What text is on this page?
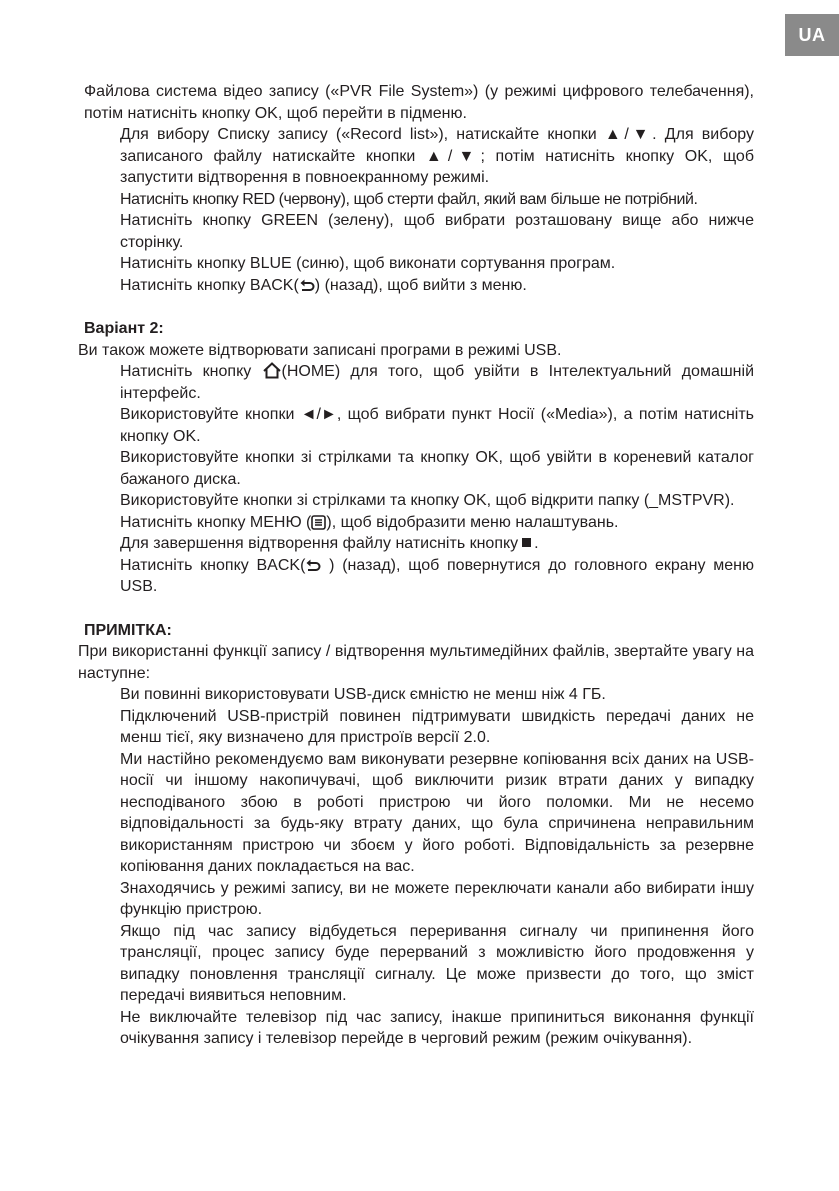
UA

Файлова система відео запису («PVR File System») (у режимі цифрового телебачення), потім натисніть кнопку OK, щоб перейти в підменю.

Для вибору Списку запису («Record list»), натискайте кнопки ▲/▼. Для вибору записаного файлу натискайте кнопки ▲/▼; потім натисніть кнопку OK, щоб запустити відтворення в повноекранному режимі.

Натисніть кнопку RED (червону), щоб стерти файл, який вам більше не потрібний.

Натисніть кнопку GREEN (зелену), щоб вибрати розташовану вище або нижче сторінку.

Натисніть кнопку BLUE (синю), щоб виконати сортування програм.

Натисніть кнопку BACK( ) (назад), щоб вийти з меню.

Варіант 2:

Ви також можете відтворювати записані програми в режимі USB.

Натисніть кнопку
(HOME) для того, щоб увійти в Інтелектуальний домашній інтерфейс.

Використовуйте кнопки ◄/►, щоб вибрати пункт Носії («Media»), а потім натисніть кнопку OK.

Використовуйте кнопки зі стрілками та кнопку OK, щоб увійти в кореневий каталог бажаного диска.

Використовуйте кнопки зі стрілками та кнопку OK, щоб відкрити папку (_MSTPVR).

Натисніть кнопку МЕНЮ ( ), щоб відобразити меню налаштувань.

Для завершення відтворення файлу натисніть кнопку .

Натисніть кнопку BACK(
) (назад), щоб повернутися до головного екрану меню USB.

ПРИМІТКА:

При використанні функції запису / відтворення мультимедійних файлів, звертайте увагу на наступне:

Ви повинні використовувати USB-диск ємністю не менш ніж 4 ГБ.

Підключений USB-пристрій повинен підтримувати швидкість передачі даних не менш тієї, яку визначено для пристроїв версії 2.0.

Ми настійно рекомендуємо вам виконувати резервне копіювання всіх даних на USB-носії чи іншому накопичувачі, щоб виключити ризик втрати даних у випадку несподіваного збою в роботі пристрою чи його поломки. Ми не несемо відповідальності за будь-яку втрату даних, що була спричинена неправильним використанням пристрою чи збоєм у його роботі. Відповідальність за резервне копіювання даних покладається на вас.

Знаходячись у режимі запису, ви не можете переключати канали або вибирати іншу функцію пристрою.

Якщо під час запису відбудеться переривання сигналу чи припинення його трансляції, процес запису буде перерваний з можливістю його продовження у випадку поновлення трансляції сигналу. Це може призвести до того, що зміст передачі виявиться неповним.

Не виключайте телевізор під час запису, інакше припиниться виконання функції очікування запису і телевізор перейде в черговий режим (режим очікування).
